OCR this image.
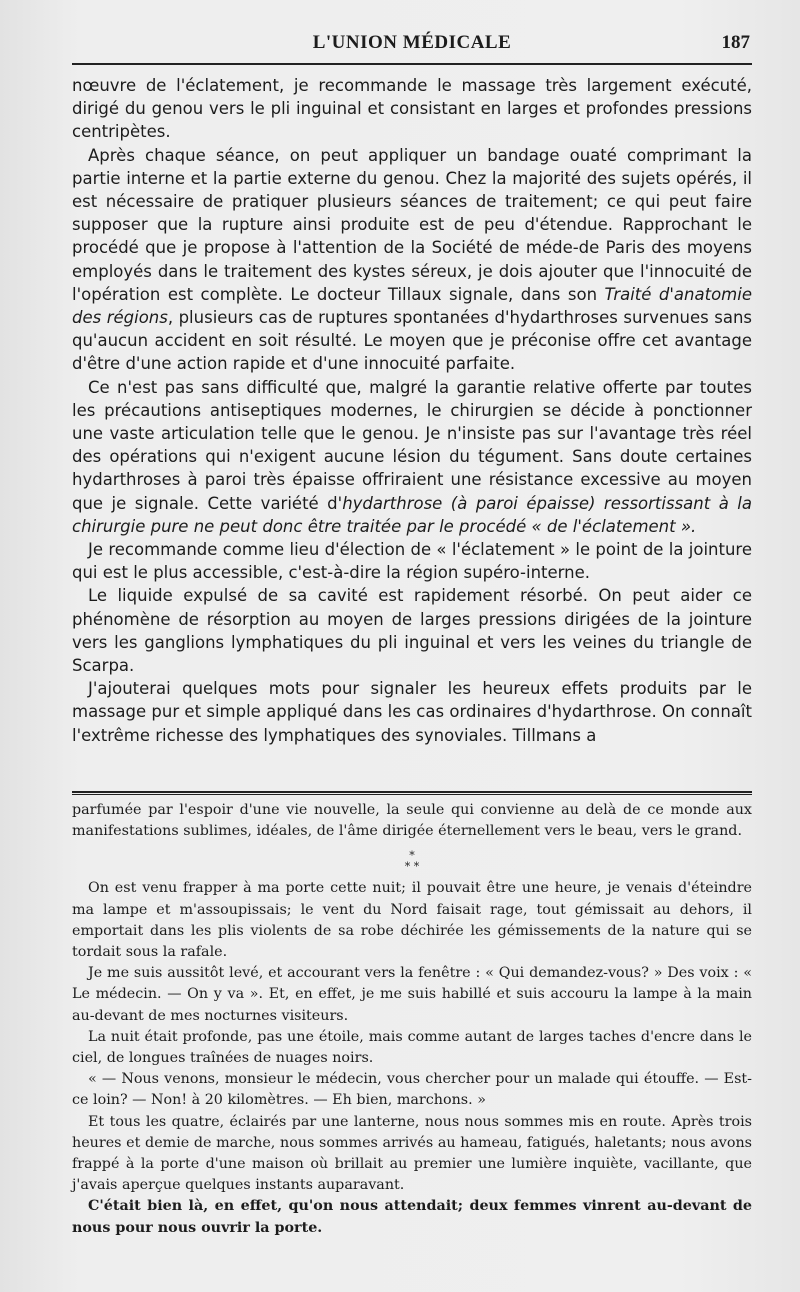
L'UNION MÉDICALE	187

nœuvre de l'éclatement, je recommande le massage très largement exécuté, dirigé du genou vers le pli inguinal et consistant en larges et profondes pressions centripètes.

Après chaque séance, on peut appliquer un bandage ouaté comprimant la partie interne et la partie externe du genou. Chez la majorité des sujets opérés, il est nécessaire de pratiquer plusieurs séances de traitement; ce qui peut faire supposer que la rupture ainsi produite est de peu d'étendue. Rapprochant le procédé que je propose à l'attention de la Société de méde-de Paris des moyens employés dans le traitement des kystes séreux, je dois ajouter que l'innocuité de l'opération est complète. Le docteur Tillaux signale, dans son Traité d'anatomie des régions, plusieurs cas de ruptures spontanées d'hydarthroses survenues sans qu'aucun accident en soit résulté. Le moyen que je préconise offre cet avantage d'être d'une action rapide et d'une innocuité parfaite.

Ce n'est pas sans difficulté que, malgré la garantie relative offerte par toutes les précautions antiseptiques modernes, le chirurgien se décide à ponctionner une vaste articulation telle que le genou. Je n'insiste pas sur l'avantage très réel des opérations qui n'exigent aucune lésion du tégument. Sans doute certaines hydarthroses à paroi très épaisse offriraient une résistance excessive au moyen que je signale. Cette variété d'hydarthrose (à paroi épaisse) ressortissant à la chirurgie pure ne peut donc être traitée par le procédé « de l'éclatement ».

Je recommande comme lieu d'élection de « l'éclatement » le point de la jointure qui est le plus accessible, c'est-à-dire la région supéro-interne.

Le liquide expulsé de sa cavité est rapidement résorbé. On peut aider ce phénomène de résorption au moyen de larges pressions dirigées de la jointure vers les ganglions lymphatiques du pli inguinal et vers les veines du triangle de Scarpa.

J'ajouterai quelques mots pour signaler les heureux effets produits par le massage pur et simple appliqué dans les cas ordinaires d'hydarthrose. On connaît l'extrême richesse des lymphatiques des synoviales. Tillmans a

parfumée par l'espoir d'une vie nouvelle, la seule qui convienne au delà de ce monde aux manifestations sublimes, idéales, de l'âme dirigée éternellement vers le beau, vers le grand.

*
* *

On est venu frapper à ma porte cette nuit; il pouvait être une heure, je venais d'éteindre ma lampe et m'assoupissais; le vent du Nord faisait rage, tout gémissait au dehors, il emportait dans les plis violents de sa robe déchirée les gémissements de la nature qui se tordait sous la rafale.

Je me suis aussitôt levé, et accourant vers la fenêtre : « Qui demandez-vous? » Des voix : « Le médecin. — On y va ». Et, en effet, je me suis habillé et suis accouru la lampe à la main au-devant de mes nocturnes visiteurs.

La nuit était profonde, pas une étoile, mais comme autant de larges taches d'encre dans le ciel, de longues traînées de nuages noirs.

« — Nous venons, monsieur le médecin, vous chercher pour un malade qui étouffe. — Est-ce loin? — Non! à 20 kilomètres. — Eh bien, marchons. »

Et tous les quatre, éclairés par une lanterne, nous nous sommes mis en route. Après trois heures et demie de marche, nous sommes arrivés au hameau, fatigués, haletants; nous avons frappé à la porte d'une maison où brillait au premier une lumière inquiète, vacillante, que j'avais aperçue quelques instants auparavant.

C'était bien là, en effet, qu'on nous attendait; deux femmes vinrent au-devant de nous pour nous ouvrir la porte.
